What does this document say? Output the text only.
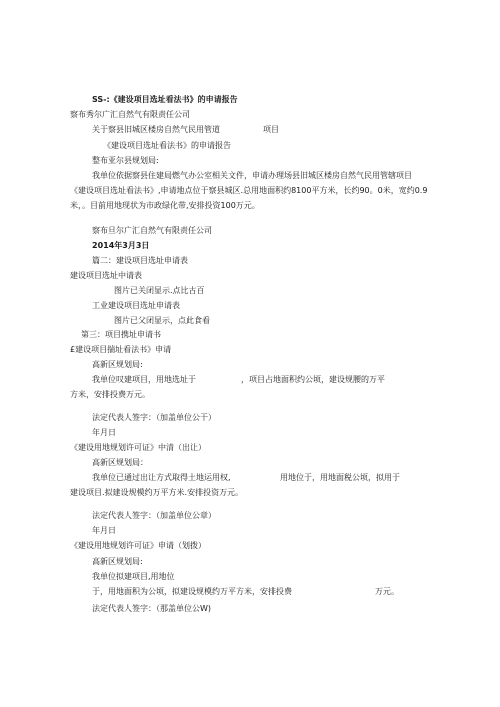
SS-:《建设项目选址看法书》的申请报告
察布秀尔广汇自然气有限责任公司
关于察县旧城区楼房自然气民用管道	项目
《建设项目选址看法书》的申请报告
整布亚尔县规划局:
我单位依据察县住建局燃气办公室相关文件，申请办理场县旧城区楼房自然气民用管辖项目
《建设项目选址看法书》,申请地点位于察县城区.总用地面积约8100平方米，长约90。0米，宽约0.9
米，。目前用地现状为市政绿化带,安排投资100万元。
察布旦尔广汇自然气有限责任公司
2014年3月3日
篇二：建设项目选址申请表
建设项目选址中请表
图片已关闭显示.点比古百
工业建设项目选址申请表
图片已父闭显示，点此食看
第三：项目携址申请书
£建设项目揣址看法书》申请
高新区规划局:
我单位叹建项目，用地选址于	，项目占地面积约公顷，建设规腰的万平
方米，安排投费万元。
法定代表人签字：（加盖单位公干）
年月日
《建设用地规划许可证》中清（出让）
高新区规划局：
我单位已通过出让方式取得土地运用权,	用地位于，用地面税公顷，拟用于
建设项目.拟建设规模约万平方米.安排投资万元。
法定代表人签字：（加盖单位公章）
年月日
《建设用地规划许可证》申请（划拨）
高新区规划局:
我单位拟建项目,用地位
于，用地面积为公顷，拟建设规模约万平方米，安排投费	万元。
法定代表人签字：（那盖单位公W)
